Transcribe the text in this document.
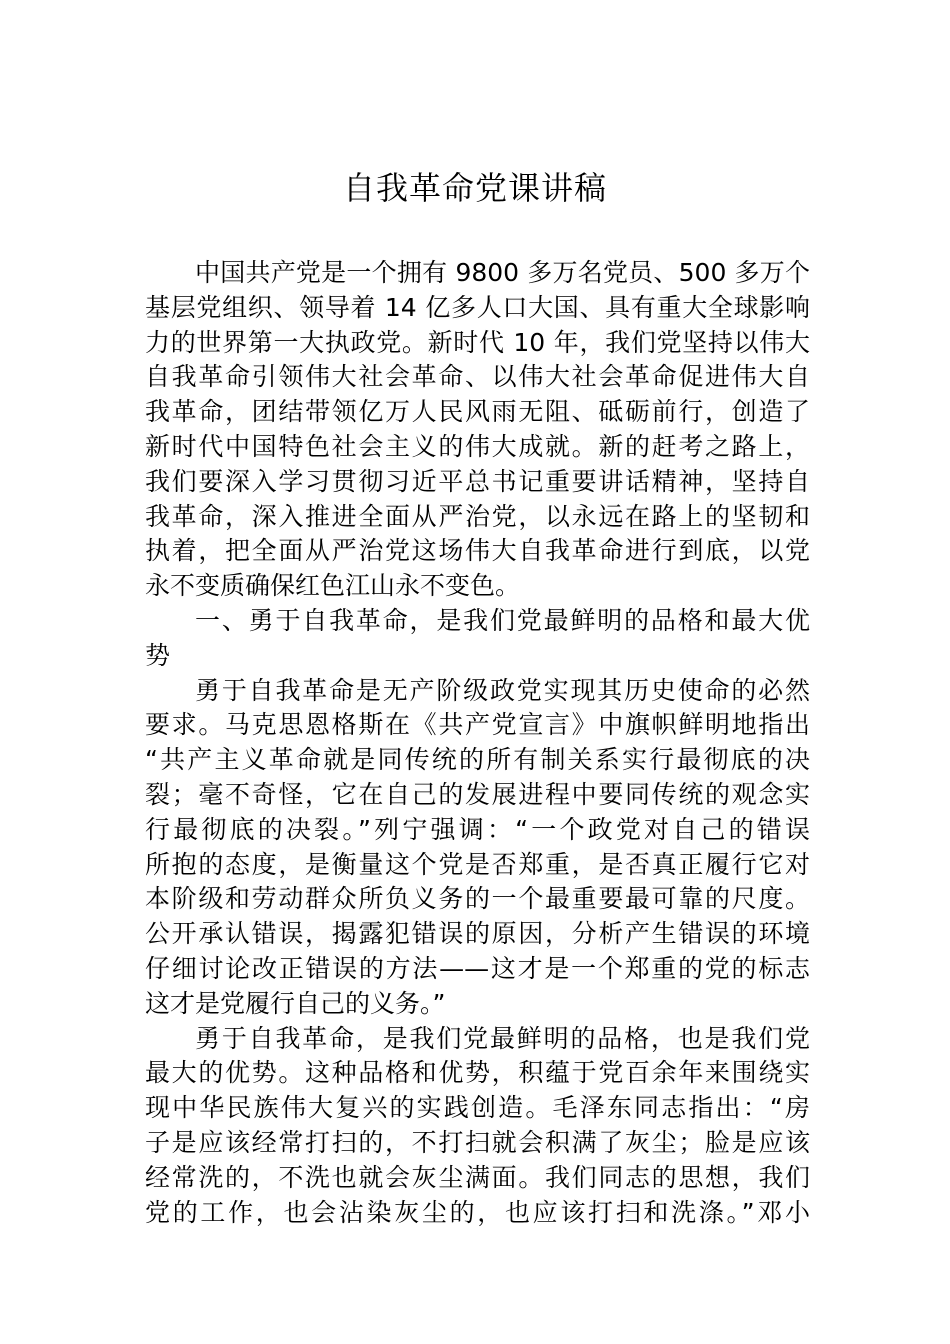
自我革命党课讲稿
中国共产党是一个拥有 9800 多万名党员、500 多万个
基层党组织、领导着 14 亿多人口大国、具有重大全球影响
力的世界第一大执政党。新时代 10 年，我们党坚持以伟大
自我革命引领伟大社会革命、以伟大社会革命促进伟大自
我革命，团结带领亿万人民风雨无阻、砥砺前行，创造了
新时代中国特色社会主义的伟大成就。新的赶考之路上，
我们要深入学习贯彻习近平总书记重要讲话精神，坚持自
我革命，深入推进全面从严治党，以永远在路上的坚韧和
执着，把全面从严治党这场伟大自我革命进行到底，以党
永不变质确保红色江山永不变色。
一、勇于自我革命，是我们党最鲜明的品格和最大优
势
勇于自我革命是无产阶级政党实现其历史使命的必然
要求。马克思恩格斯在《共产党宣言》中旗帜鲜明地指出
“共产主义革命就是同传统的所有制关系实行最彻底的决
裂；毫不奇怪，它在自己的发展进程中要同传统的观念实
行最彻底的决裂。”列宁强调：“一个政党对自己的错误
所抱的态度，是衡量这个党是否郑重，是否真正履行它对
本阶级和劳动群众所负义务的一个最重要最可靠的尺度。
公开承认错误，揭露犯错误的原因，分析产生错误的环境
仔细讨论改正错误的方法——这才是一个郑重的党的标志
这才是党履行自己的义务。”
勇于自我革命，是我们党最鲜明的品格，也是我们党
最大的优势。这种品格和优势，积蕴于党百余年来围绕实
现中华民族伟大复兴的实践创造。毛泽东同志指出：“房
子是应该经常打扫的，不打扫就会积满了灰尘；脸是应该
经常洗的，不洗也就会灰尘满面。我们同志的思想，我们
党的工作，也会沾染灰尘的，也应该打扫和洗涤。”邓小
